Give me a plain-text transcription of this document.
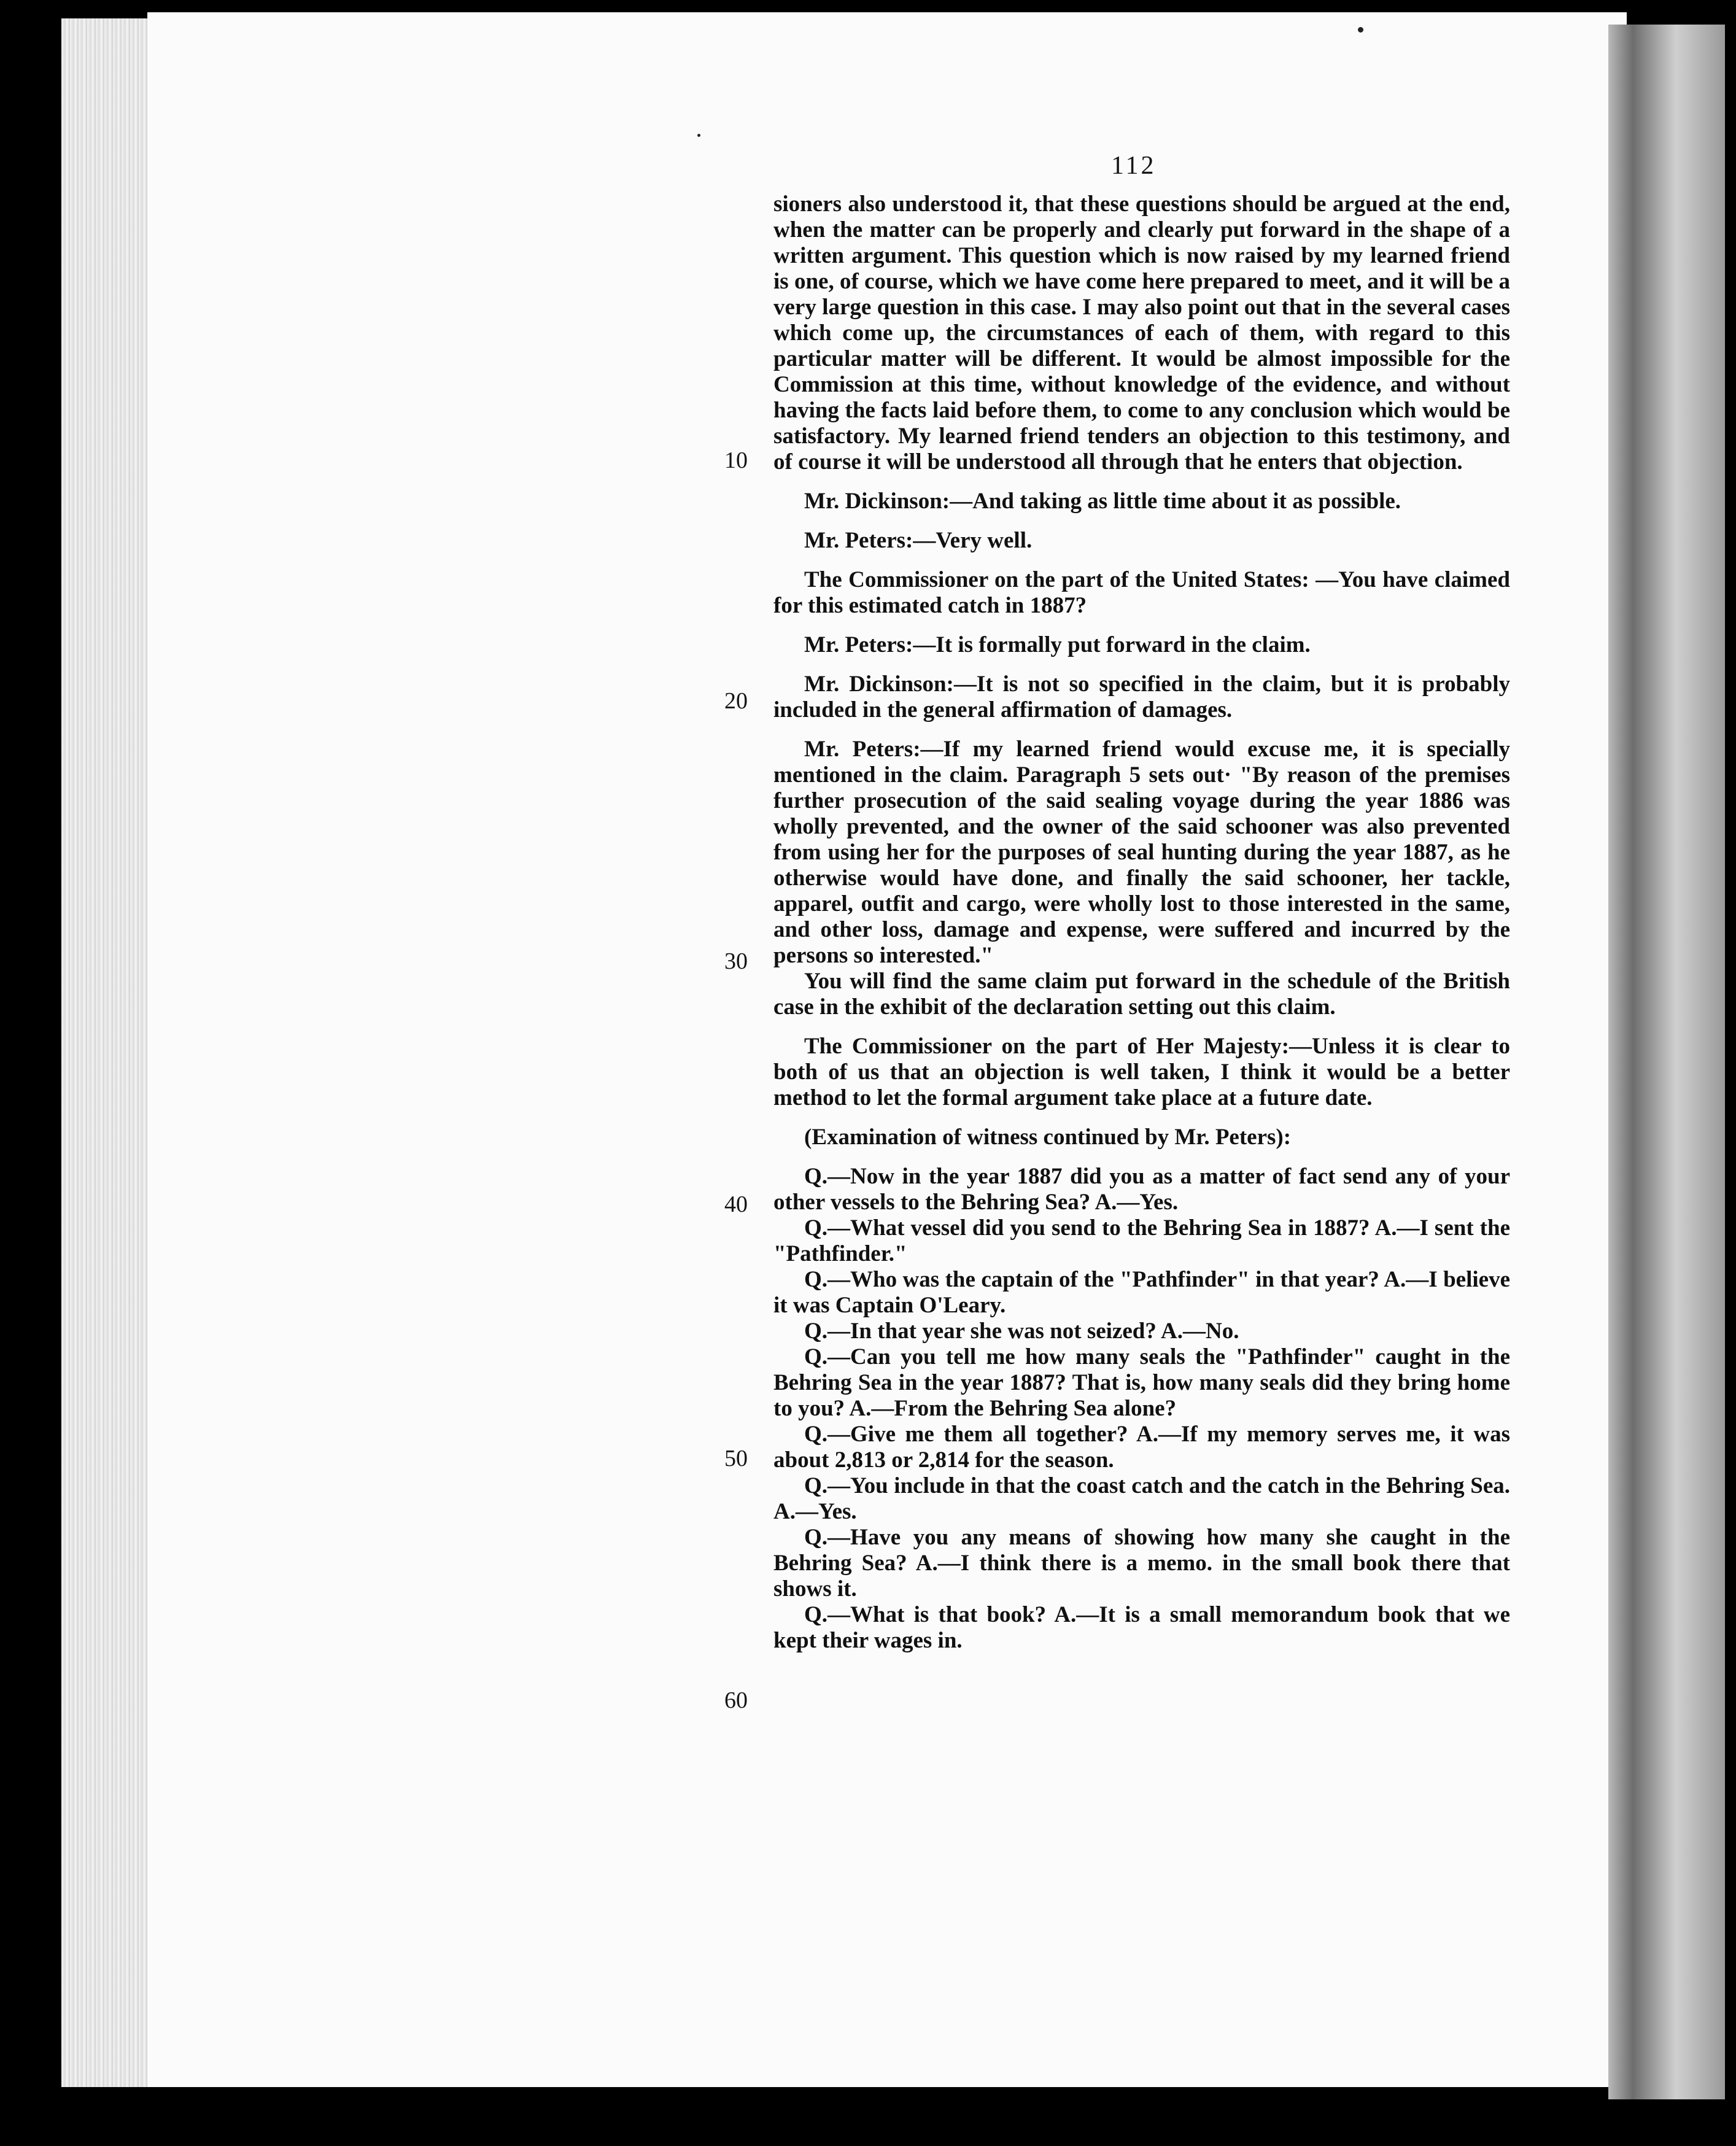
112
10
20
30
40
50
60

sioners also understood it, that these questions should be argued at the end, when the matter can be properly and clearly put forward in the shape of a written argument. This question which is now raised by my learned friend is one, of course, which we have come here prepared to meet, and it will be a very large question in this case. I may also point out that in the several cases which come up, the circumstances of each of them, with regard to this particular matter will be different. It would be almost impossible for the Commission at this time, without knowledge of the evidence, and without having the facts laid before them, to come to any conclusion which would be satisfactory. My learned friend tenders an objection to this testimony, and of course it will be understood all through that he enters that objection.

Mr. Dickinson:—And taking as little time about it as possible.

Mr. Peters:—Very well.

The Commissioner on the part of the United States: —You have claimed for this estimated catch in 1887?

Mr. Peters:—It is formally put forward in the claim.

Mr. Dickinson:—It is not so specified in the claim, but it is probably included in the general affirmation of damages.

Mr. Peters:—If my learned friend would excuse me, it is specially mentioned in the claim. Paragraph 5 sets out· "By reason of the premises further prosecution of the said sealing voyage during the year 1886 was wholly prevented, and the owner of the said schooner was also prevented from using her for the purposes of seal hunting during the year 1887, as he otherwise would have done, and finally the said schooner, her tackle, apparel, outfit and cargo, were wholly lost to those interested in the same, and other loss, damage and expense, were suffered and incurred by the persons so interested."

You will find the same claim put forward in the schedule of the British case in the exhibit of the declaration setting out this claim.

The Commissioner on the part of Her Majesty:—Unless it is clear to both of us that an objection is well taken, I think it would be a better method to let the formal argument take place at a future date.

(Examination of witness continued by Mr. Peters):

Q.—Now in the year 1887 did you as a matter of fact send any of your other vessels to the Behring Sea? A.—Yes.

Q.—What vessel did you send to the Behring Sea in 1887? A.—I sent the "Pathfinder."

Q.—Who was the captain of the "Pathfinder" in that year? A.—I believe it was Captain O'Leary.

Q.—In that year she was not seized? A.—No.

Q.—Can you tell me how many seals the "Pathfinder" caught in the Behring Sea in the year 1887? That is, how many seals did they bring home to you? A.—From the Behring Sea alone?

Q.—Give me them all together? A.—If my memory serves me, it was about 2,813 or 2,814 for the season.

Q.—You include in that the coast catch and the catch in the Behring Sea. A.—Yes.

Q.—Have you any means of showing how many she caught in the Behring Sea? A.—I think there is a memo. in the small book there that shows it.

Q.—What is that book? A.—It is a small memorandum book that we kept their wages in.
